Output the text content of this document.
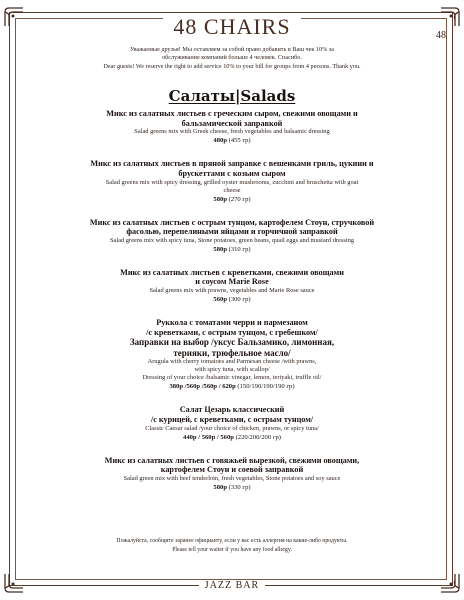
48 CHAIRS	48
Уважаемые друзья! Мы оставляем за собой право добавить в Ваш чек 10% за
обслуживание компаний больше 4 человек. Спасибо.
Dear guests! We reserve the right to add service 10% to your bill for groups from 4 persons. Thank you.
Салаты|Salads
Микс из салатных листьев с греческим сыром, свежими овощами и
бальзамической заправкой
Salad greens mix with Greek cheese, fresh vegetables and balsamic dressing
480р (455 гр)
Микс из салатных листьев в пряной заправке с вешенками гриль, цукини и
брускеттами с козьим сыром
Salad greens mix with spicy dressing, grilled oyster mushrooms, zucchini and bruschetta with goat
cheese
580р (270 гр)
Микс из салатных листьев с острым тунцом, картофелем Стоун, стручковой
фасолью, перепелиными яйцами и горчичной заправкой
Salad greens mix with spicy tuna, Stone potatoes, green beans, quail eggs and mustard dressing
580р (310 гр)
Микс из салатных листьев с креветками, свежими овощами
и соусом Marie Rose
Salad greens mix with prawns, vegetables and Marie Rose sauce
560р (300 гр)
Руккола с томатами черри и пармезаном
/с креветками, с острым тунцом, с гребешком/
Заправки на выбор /уксус Бальзамико, лимонная,
терияки, трюфельное масло/
Arugula with cherry tomatoes and Parmesan cheese /with prawns,
with spicy tuna, with scallop/
Dressing of your choice /balsamic vinegar, lemon, teriyaki, truffle oil/
380р /560р /560р / 620р (150/190/190/190 гр)
Салат Цезарь классический
/с курицей, с креветками, с острым тунцом/
Classic Caesar salad /your choice of chicken, prawns, or spicy tuna/
440р / 560р / 560р (220/200/200 гр)
Микс из салатных листьев с говяжьей вырезкой, свежими овощами,
картофелем Стоун и соевой заправкой
Salad green mix with beef tenderloin, fresh vegetables, Stone potatoes and soy sauce
580р (330 гр)
Пожалуйста, сообщите заранее официанту, если у вас есть аллергия на какие-либо продукты.
Please tell your waiter if you have any food allergy.
JAZZ BAR
